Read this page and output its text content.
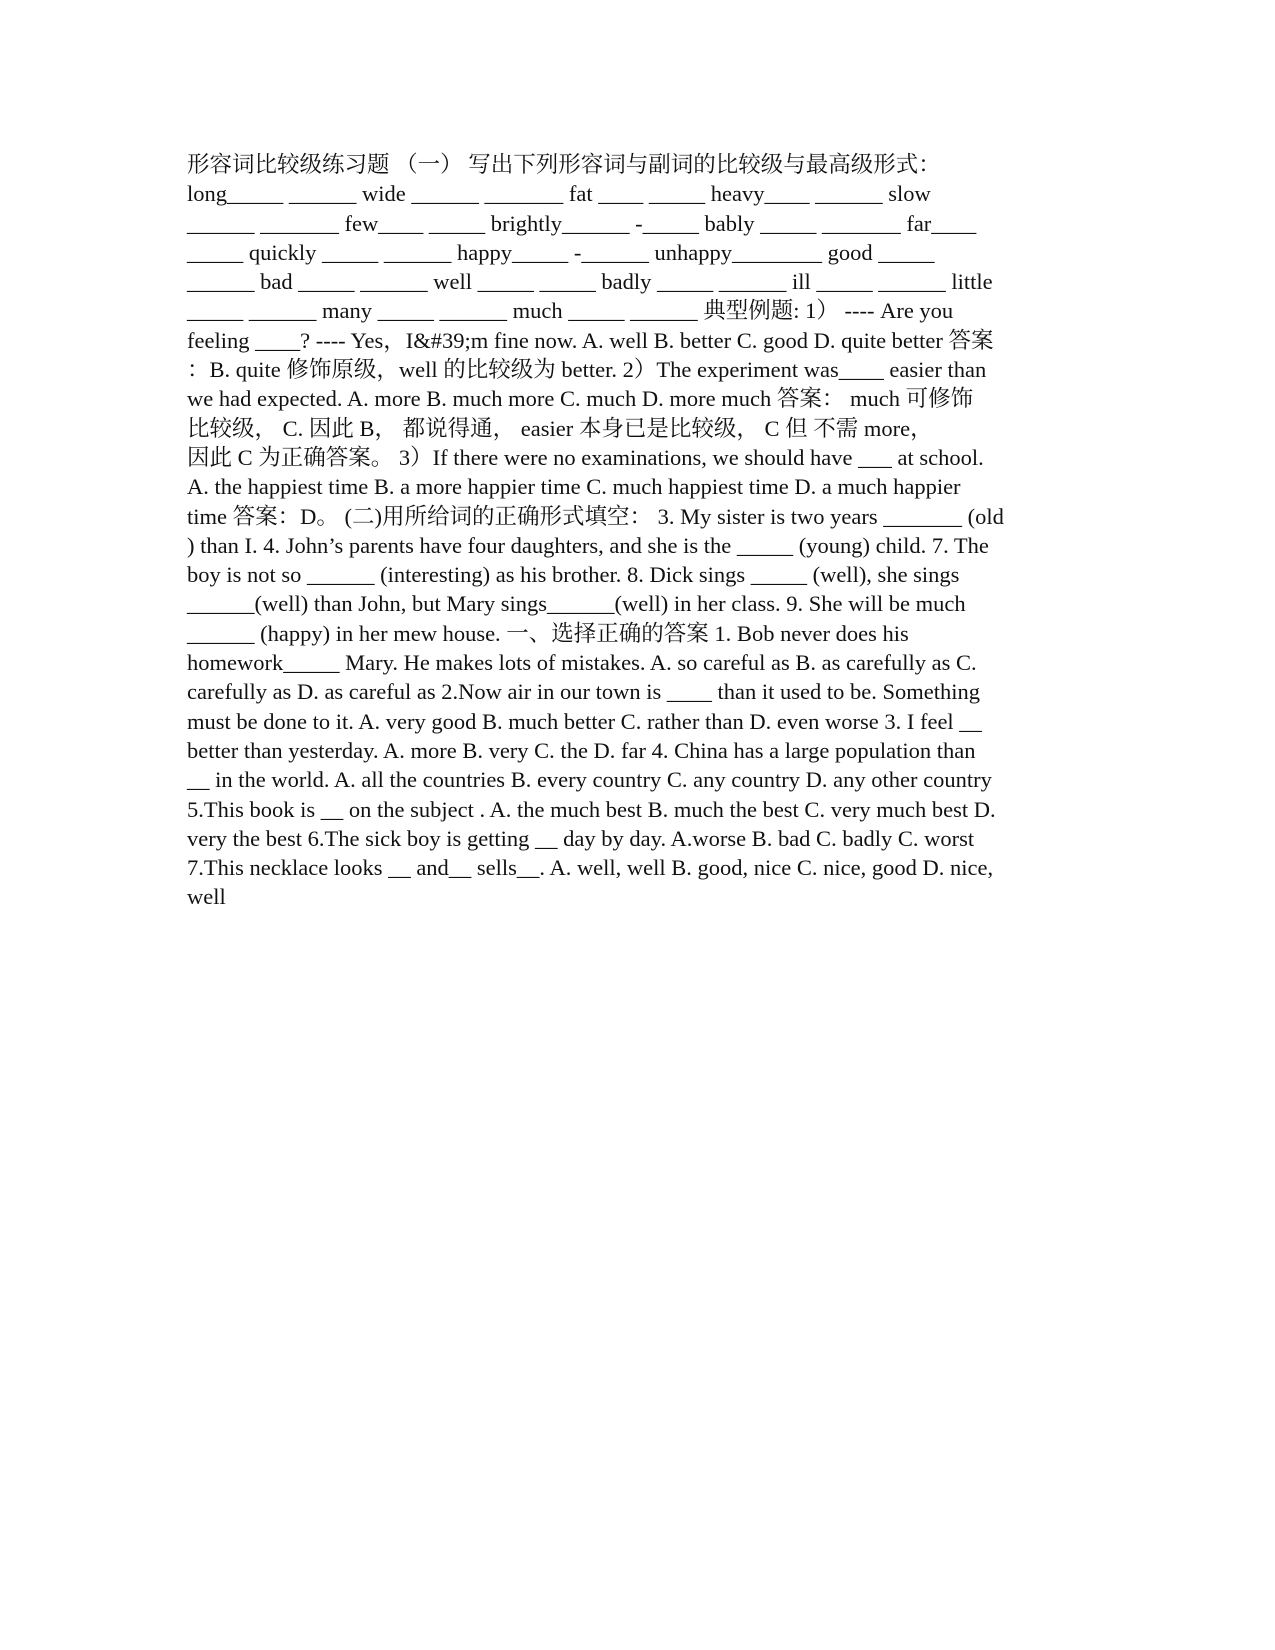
形容词比较级练习题 （一） 写出下列形容词与副词的比较级与最高级形式：
long_____ ______ wide ______ _______ fat ____ _____ heavy____ ______ slow
______ _______ few____ _____ brightly______ -_____ bably _____ _______ far____
_____ quickly _____ ______ happy_____ -______ unhappy________ good _____
______ bad _____ ______ well _____ _____ badly _____ ______ ill _____ ______ little
_____ ______ many _____ ______ much _____ ______ 典型例题: 1） ---- Are you
feeling ____? ---- Yes，I&#39;m fine now. A. well B. better C. good D. quite better 答案
：B. quite 修饰原级，well 的比较级为 better. 2）The experiment was____ easier than
we had expected. A. more B. much more C. much D. more much 答案： much 可修饰
比较级， C. 因此 B， 都说得通， easier 本身已是比较级， C 但 不需 more，
因此 C 为正确答案。 3）If there were no examinations, we should have ___ at school.
A. the happiest time B. a more happier time C. much happiest time D. a much happier
time 答案：D。 (二)用所给词的正确形式填空： 3. My sister is two years _______ (old
) than I. 4. John’s parents have four daughters, and she is the _____ (young) child. 7. The
boy is not so ______ (interesting) as his brother. 8. Dick sings _____ (well), she sings
______(well) than John, but Mary sings______(well) in her class. 9. She will be much
______ (happy) in her mew house. 一、选择正确的答案 1. Bob never does his
homework_____ Mary. He makes lots of mistakes. A. so careful as B. as carefully as C.
carefully as D. as careful as 2.Now air in our town is ____ than it used to be. Something
must be done to it. A. very good B. much better C. rather than D. even worse 3. I feel __
better than yesterday. A. more B. very C. the D. far 4. China has a large population than
__ in the world. A. all the countries B. every country C. any country D. any other country
5.This book is __ on the subject . A. the much best B. much the best C. very much best D.
very the best 6.The sick boy is getting __ day by day. A.worse B. bad C. badly C. worst
7.This necklace looks __ and__ sells__. A. well, well B. good, nice C. nice, good D. nice,
well
